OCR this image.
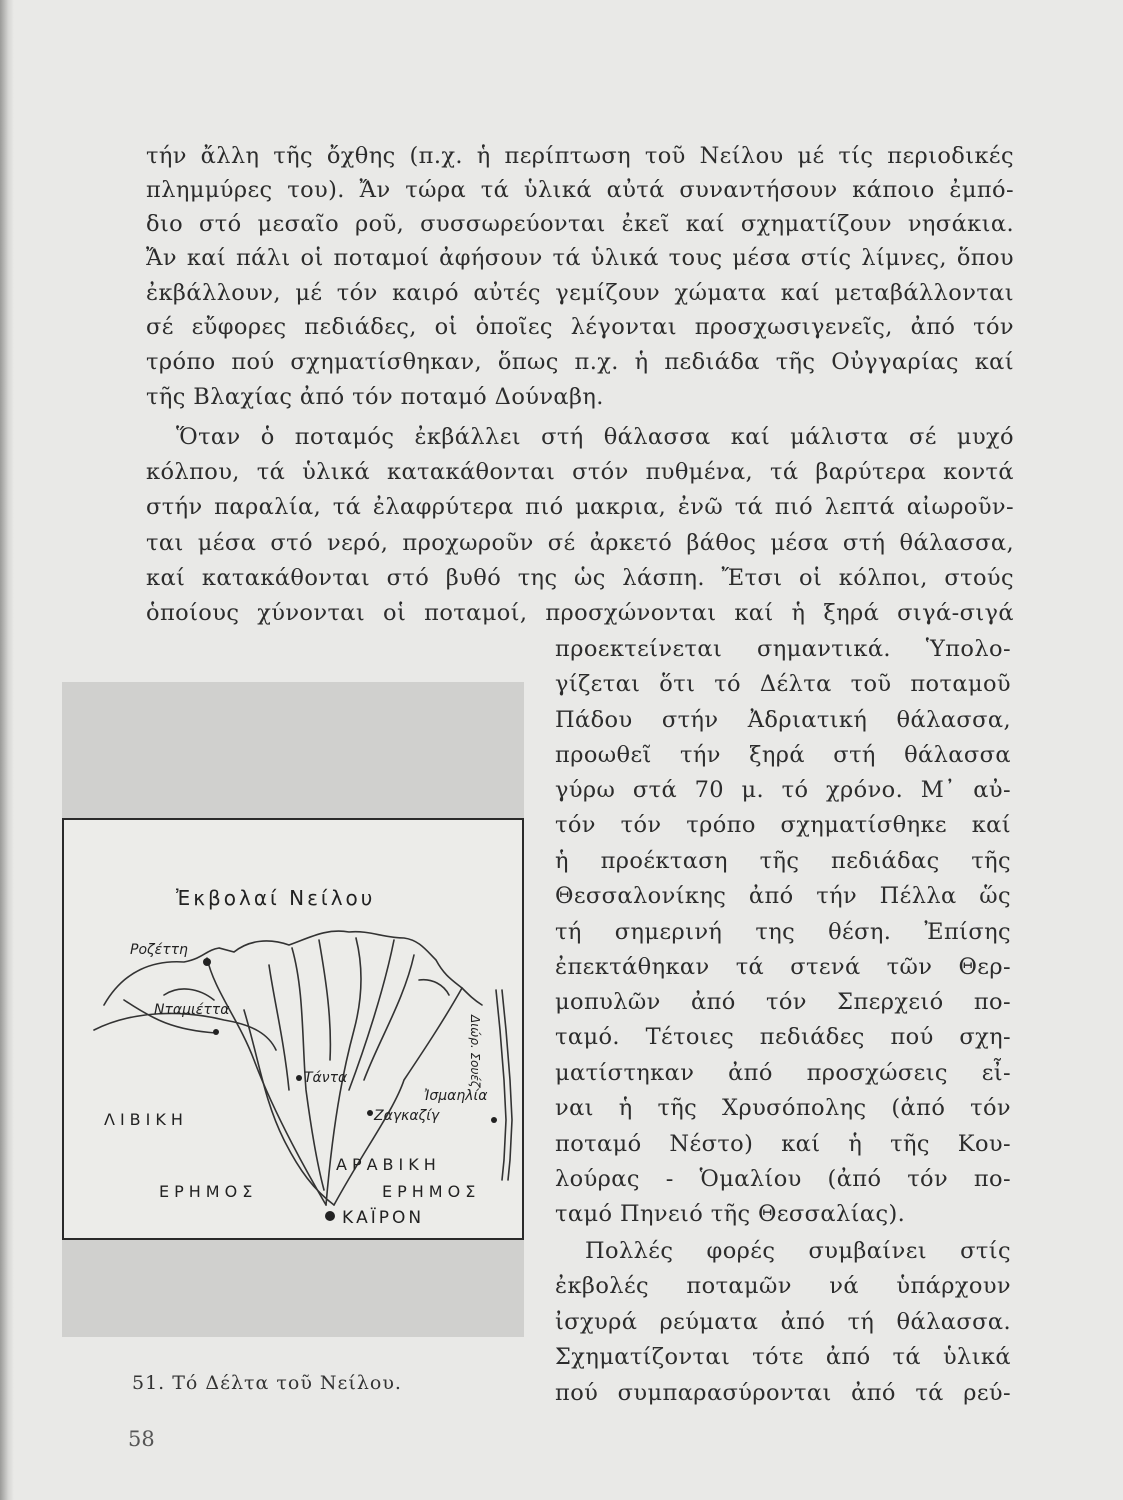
τήν ἄλλη τῆς ὄχθης (π.χ. ἡ περίπτωση τοῦ Νείλου μέ τίς περιοδικές
πλημμύρες του). Ἄν τώρα τά ὑλικά αὐτά συναντήσουν κάποιο ἐμπό-
διο στό μεσαῖο ροῦ, συσσωρεύονται ἐκεῖ καί σχηματίζουν νησάκια.
Ἄν καί πάλι οἱ ποταμοί ἀφήσουν τά ὑλικά τους μέσα στίς λίμνες, ὅπου
ἐκβάλλουν, μέ τόν καιρό αὐτές γεμίζουν χώματα καί μεταβάλλονται
σέ εὔφορες πεδιάδες, οἱ ὁποῖες λέγονται προσχωσιγενεῖς, ἀπό τόν
τρόπο πού σχηματίσθηκαν, ὅπως π.χ. ἡ πεδιάδα τῆς Οὐγγαρίας καί
τῆς Βλαχίας ἀπό τόν ποταμό Δούναβη.
Ὅταν ὁ ποταμός ἐκβάλλει στή θάλασσα καί μάλιστα σέ μυχό
κόλπου, τά ὑλικά κατακάθονται στόν πυθμένα, τά βαρύτερα κοντά
στήν παραλία, τά ἐλαφρύτερα πιό μακρια, ἐνῶ τά πιό λεπτά αἰωροῦν-
ται μέσα στό νερό, προχωροῦν σέ ἀρκετό βάθος μέσα στή θάλασσα,
καί κατακάθονται στό βυθό της ὡς λάσπη. Ἔτσι οἱ κόλποι, στούς
ὁποίους χύνονται οἱ ποταμοί, προσχώνονται καί ἡ ξηρά σιγά-σιγά
προεκτείνεται σημαντικά. Ὑπολο-
γίζεται ὅτι τό Δέλτα τοῦ ποταμοῦ
Πάδου στήν Ἀδριατική θάλασσα,
προωθεῖ τήν ξηρά στή θάλασσα
γύρω στά 70 μ. τό χρόνο. Μ᾽ αὐ-
τόν τόν τρόπο σχηματίσθηκε καί
ἡ προέκταση τῆς πεδιάδας τῆς
Θεσσαλονίκης ἀπό τήν Πέλλα ὥς
τή σημερινή της θέση. Ἐπίσης
ἐπεκτάθηκαν τά στενά τῶν Θερ-
μοπυλῶν ἀπό τόν Σπερχειό πο-
ταμό. Τέτοιες πεδιάδες πού σχη-
ματίστηκαν ἀπό προσχώσεις εἶ-
ναι ἡ τῆς Χρυσόπολης (ἀπό τόν
ποταμό Νέστο) καί ἡ τῆς Κου-
λούρας - Ὁμαλίου (ἀπό τόν πο-
ταμό Πηνειό τῆς Θεσσαλίας).
Πολλές φορές συμβαίνει στίς
ἐκβολές ποταμῶν νά ὑπάρχουν
ἰσχυρά ρεύματα ἀπό τή θάλασσα.
Σχηματίζονται τότε ἀπό τά ὑλικά
πού συμπαρασύρονται ἀπό τά ρεύ-
Ἐκβολαί Νείλου
Ροζέττη
Νταμιέττα
Διώρ. Σουέζ
Τάντα
Ζαγκαζίγ
Ἰσμαηλία
ΛΙΒΙΚΗ
ΕΡΗΜΟΣ
ΑΡΑΒΙΚΗ
ΕΡΗΜΟΣ
ΚΑΪΡΟΝ
51. Τό Δέλτα τοῦ Νείλου.
58
